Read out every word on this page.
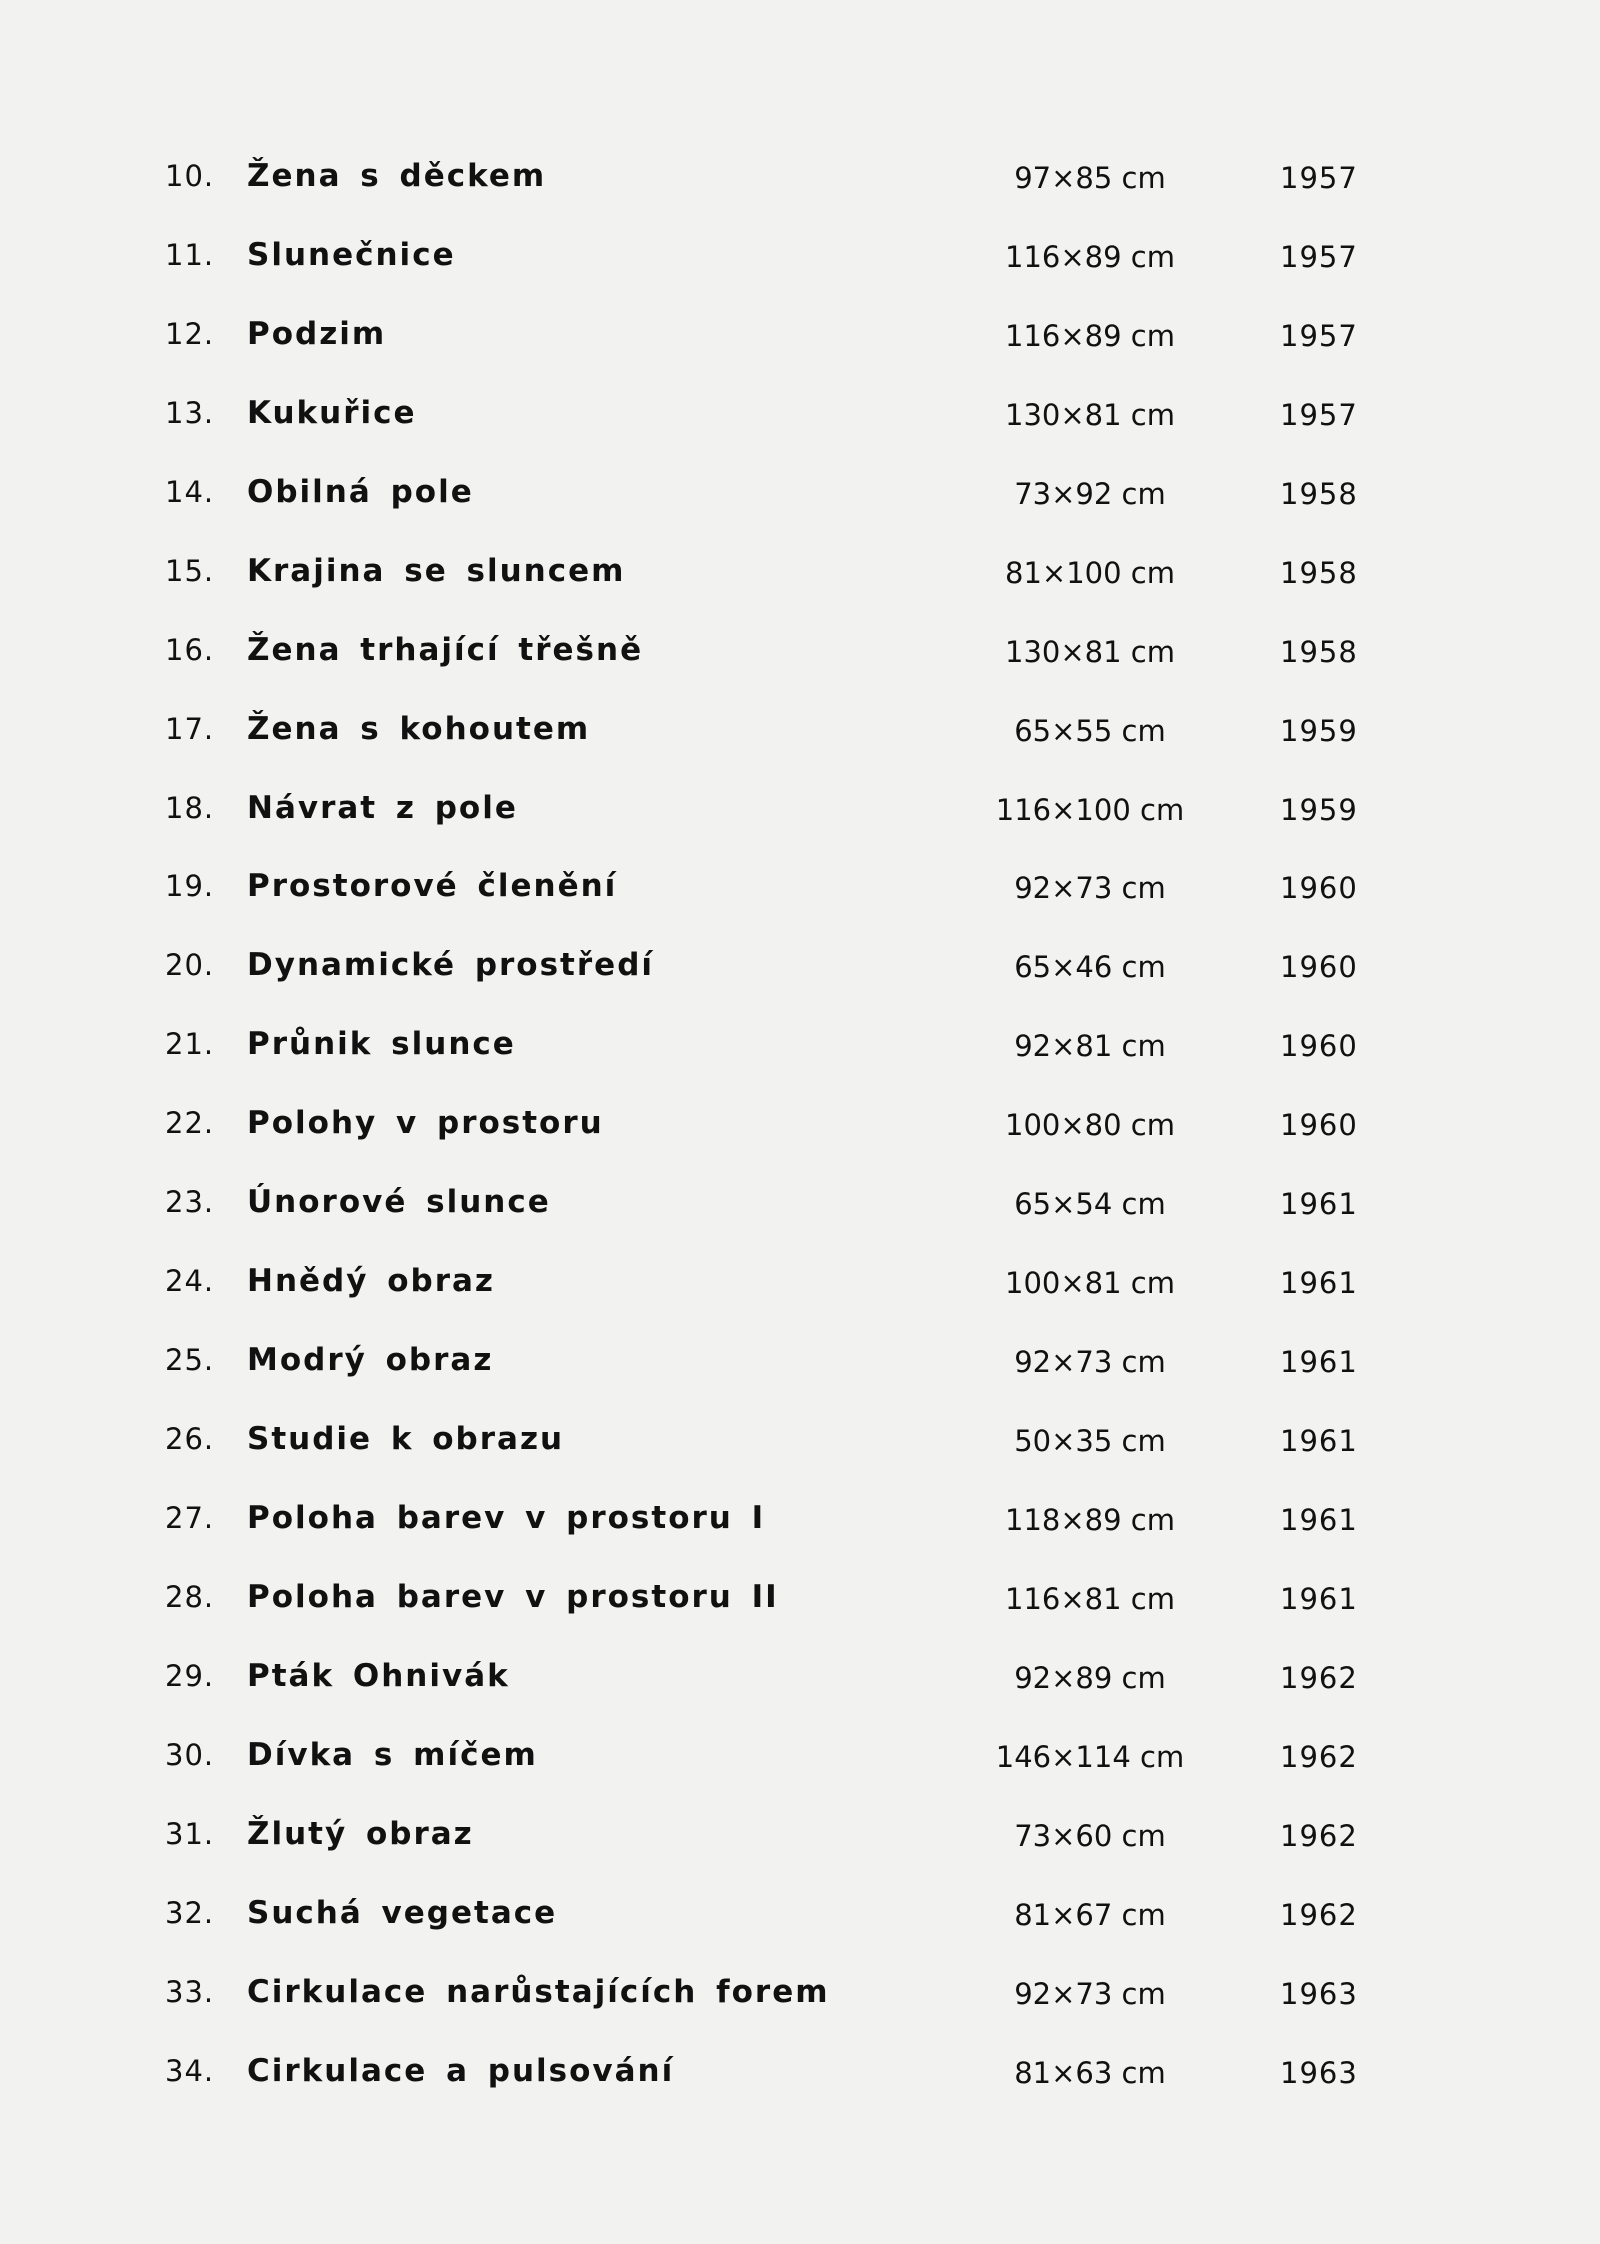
10. Žena s děckem	97×85 cm	1957
11. Slunečnice	116×89 cm	1957
12. Podzim	116×89 cm	1957
13. Kukuřice	130×81 cm	1957
14. Obilná pole	73×92 cm	1958
15. Krajina se sluncem	81×100 cm	1958
16. Žena trhající třešně	130×81 cm	1958
17. Žena s kohoutem	65×55 cm	1959
18. Návrat z pole	116×100 cm	1959
19. Prostorové členění	92×73 cm	1960
20. Dynamické prostředí	65×46 cm	1960
21. Průnik slunce	92×81 cm	1960
22. Polohy v prostoru	100×80 cm	1960
23. Únorové slunce	65×54 cm	1961
24. Hnědý obraz	100×81 cm	1961
25. Modrý obraz	92×73 cm	1961
26. Studie k obrazu	50×35 cm	1961
27. Poloha barev v prostoru I	118×89 cm	1961
28. Poloha barev v prostoru II	116×81 cm	1961
29. Pták Ohnivák	92×89 cm	1962
30. Dívka s míčem	146×114 cm	1962
31. Žlutý obraz	73×60 cm	1962
32. Suchá vegetace	81×67 cm	1962
33. Cirkulace narůstajících forem	92×73 cm	1963
34. Cirkulace a pulsování	81×63 cm	1963
